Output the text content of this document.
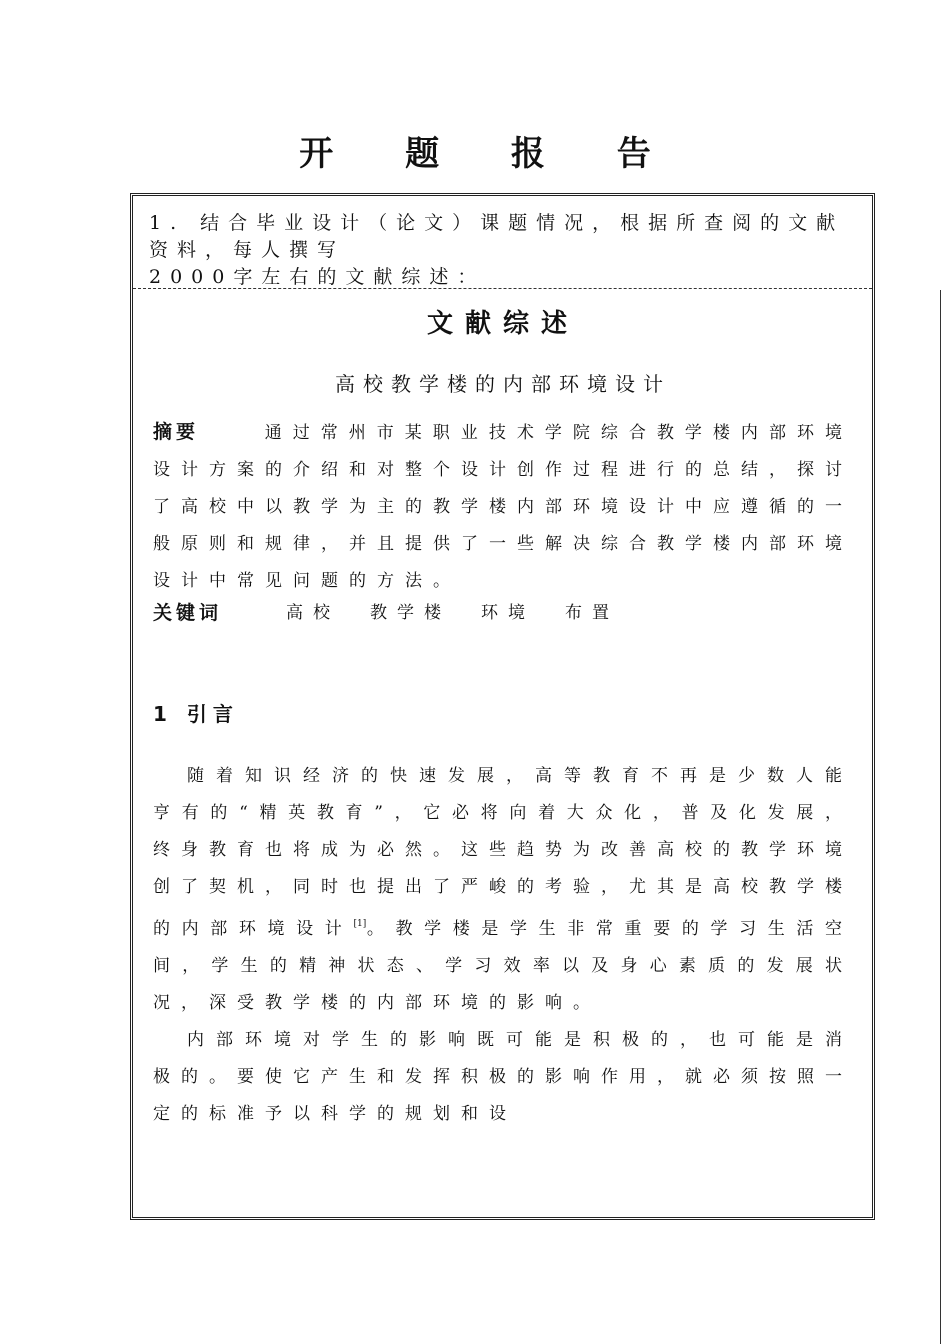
开 题 报 告
1. 结合毕业设计（论文）课题情况，根据所查阅的文献资料，每人撰写
2000字左右的文献综述：
文献综述
高校教学楼的内部环境设计

摘要	通过常州市某职业技术学院综合教学楼内部环境设计方案的介绍和对整个设计创作过程进行的总结，探讨了高校中以教学为主的教学楼内部环境设计中应遵循的一般原则和规律，并且提供了一些解决综合教学楼内部环境设计中常见问题的方法。

关键词	高校 教学楼 环境 布置
1 引言

随着知识经济的快速发展，高等教育不再是少数人能亨有的“精英教育”，它必将向着大众化，普及化发展，终身教育也将成为必然。这些趋势为改善高校的教学环境创了契机，同时也提出了严峻的考验，尤其是高校教学楼的内部环境设计[1]。教学楼是学生非常重要的学习生活空间，学生的精神状态、学习效率以及身心素质的发展状况，深受教学楼的内部环境的影响。

内部环境对学生的影响既可能是积极的，也可能是消极的。要使它产生和发挥积极的影响作用，就必须按照一定的标准予以科学的规划和设
